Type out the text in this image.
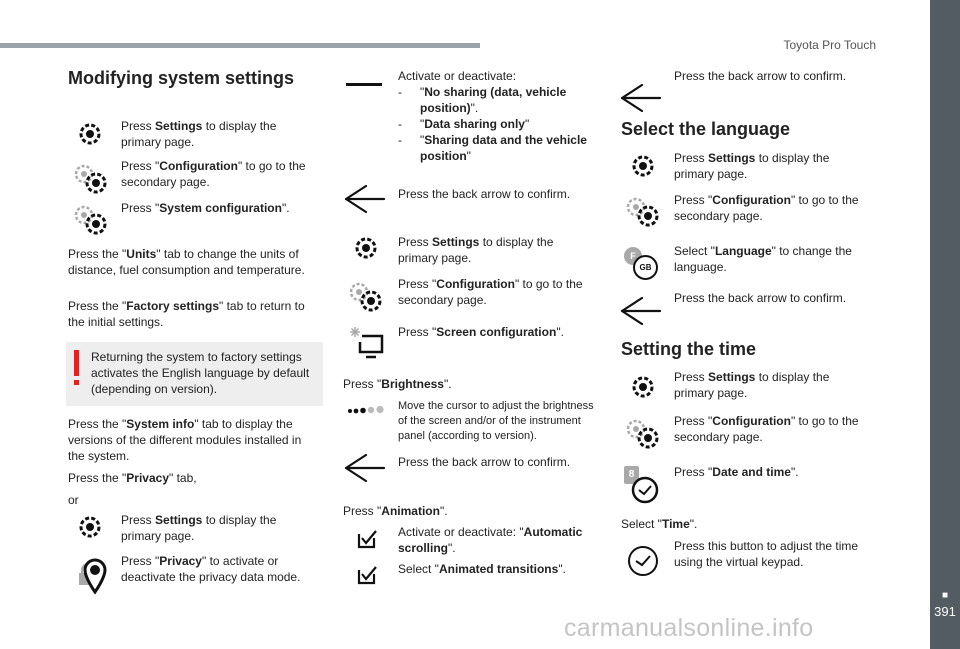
Toyota Pro Touch
■
391
carmanualsonline.info
Modifying system settings
Press Settings to display the primary page.
Press "Configuration" to go to the secondary page.
Press "System configuration".
Press the "Units" tab to change the units of distance, fuel consumption and temperature.
Press the "Factory settings" tab to return to the initial settings.
Returning the system to factory settings activates the English language by default (depending on version).
Press the "System info" tab to display the versions of the different modules installed in the system.
Press the "Privacy" tab,
or
Press Settings to display the primary page.
Press "Privacy" to activate or deactivate the privacy data mode.
Activate or deactivate:
- "No sharing (data, vehicle position)".
- "Data sharing only"
- "Sharing data and the vehicle position"
Press the back arrow to confirm.
Press Settings to display the primary page.
Press "Configuration" to go to the secondary page.
Press "Screen configuration".
Press "Brightness".
Move the cursor to adjust the brightness of the screen and/or of the instrument panel (according to version).
Press the back arrow to confirm.
Press "Animation".
Activate or deactivate: "Automatic scrolling".
Select "Animated transitions".
Press the back arrow to confirm.
Select the language
Press Settings to display the primary page.
Press "Configuration" to go to the secondary page.
F
GB
Select "Language" to change the language.
Press the back arrow to confirm.
Setting the time
Press Settings to display the primary page.
Press "Configuration" to go to the secondary page.
8	Press "Date and time".
Select "Time".
Press this button to adjust the time using the virtual keypad.
